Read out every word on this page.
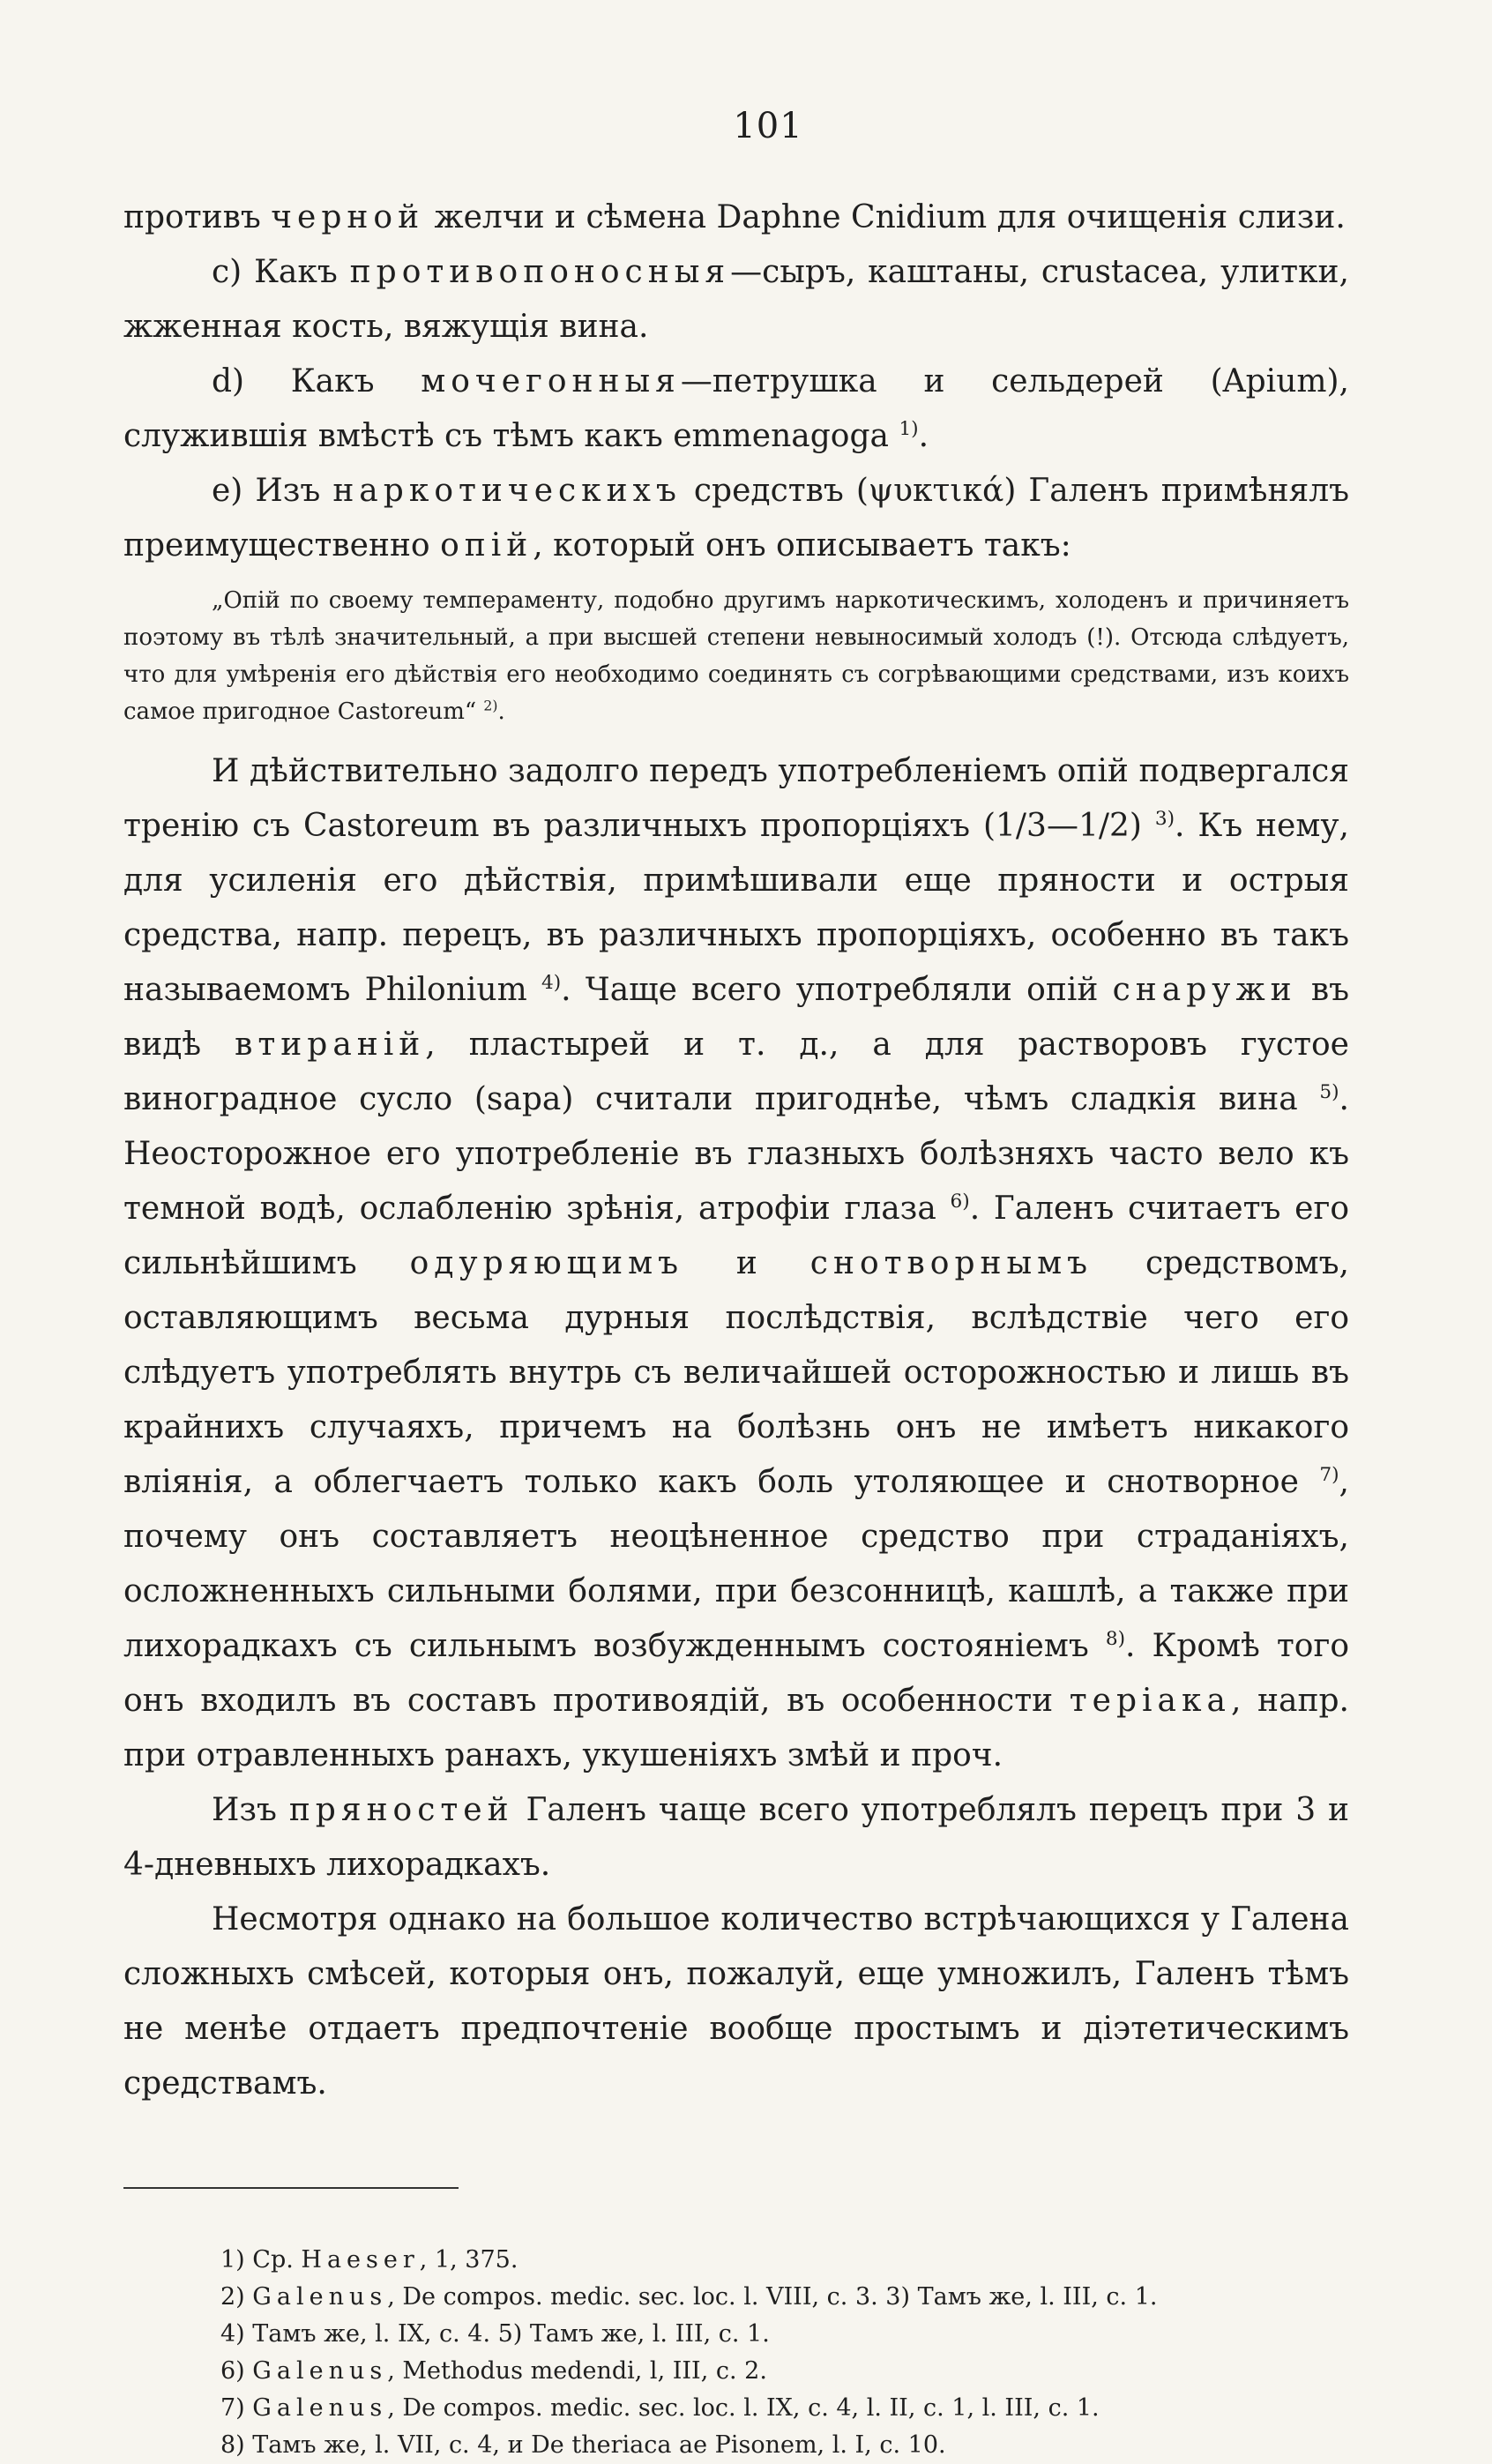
101

противъ черной желчи и сѣмена Daphne Cnidium для очищенія слизи.

c) Какъ противопоносныя—сыръ, каштаны, crustacea, улитки, жженная кость, вяжущія вина.

d) Какъ мочегонныя—петрушка и сельдерей (Apium), служившія вмѣстѣ съ тѣмъ какъ emmenagoga $^{1)}$.

e) Изъ наркотическихъ средствъ (ψυκτικά) Галенъ примѣнялъ преимущественно опій, который онъ описываетъ такъ:

„Опій по своему темпераменту, подобно другимъ наркотическимъ, холоденъ и причиняетъ поэтому въ тѣлѣ значительный, а при высшей степени невыносимый холодъ (!). Отсюда слѣдуетъ, что для умѣренія его дѣйствія его необходимо соединять съ согрѣвающими средствами, изъ коихъ самое пригодное Castoreum“ $^{2)}$.

И дѣйствительно задолго передъ употребленіемъ опій подвергался тренію съ Castoreum въ различныхъ пропорціяхъ (1/3—1/2) $^{3)}$. Къ нему, для усиленія его дѣйствія, примѣшивали еще пряности и острыя средства, напр. перецъ, въ различныхъ пропорціяхъ, особенно въ такъ называемомъ Philonium $^{4)}$. Чаще всего употребляли опій снаружи въ видѣ втираній, пластырей и т. д., а для растворовъ густое виноградное сусло (sapa) считали пригоднѣе, чѣмъ сладкія вина $^{5)}$. Неосторожное его употребленіе въ глазныхъ болѣзняхъ часто вело къ темной водѣ, ослабленію зрѣнія, атрофіи глаза $^{6)}$. Галенъ считаетъ его сильнѣйшимъ одуряющимъ и снотворнымъ средствомъ, оставляющимъ весьма дурныя послѣдствія, вслѣдствіе чего его слѣдуетъ употреблять внутрь съ величайшей осторожностью и лишь въ крайнихъ случаяхъ, причемъ на болѣзнь онъ не имѣетъ никакого вліянія, а облегчаетъ только какъ боль утоляющее и снотворное $^{7)}$, почему онъ составляетъ неоцѣненное средство при страданіяхъ, осложненныхъ сильными болями, при безсонницѣ, кашлѣ, а также при лихорадкахъ съ сильнымъ возбужденнымъ состояніемъ $^{8)}$. Кромѣ того онъ входилъ въ составъ противоядій, въ особенности теріака, напр. при отравленныхъ ранахъ, укушеніяхъ змѣй и проч.

Изъ пряностей Галенъ чаще всего употреблялъ перецъ при 3 и 4-дневныхъ лихорадкахъ.

Несмотря однако на большое количество встрѣчающихся у Галена сложныхъ смѣсей, которыя онъ, пожалуй, еще умножилъ, Галенъ тѣмъ не менѣе отдаетъ предпочтеніе вообще простымъ и діэтетическимъ средствамъ.

1) Ср. Haeser, 1, 375.

2) Galenus, De compos. medic. sec. loc. l. VIII, c. 3. 3) Тамъ же, l. III, c. 1.

4) Тамъ же, l. IX, c. 4. 5) Тамъ же, l. III, c. 1.

6) Galenus, Methodus medendi, l, III, c. 2.

7) Galenus, De compos. medic. sec. loc. l. IX, c. 4, l. II, c. 1, l. III, c. 1.

8) Тамъ же, l. VII, c. 4, и De theriaca ae Pisonem, l. I, c. 10.
